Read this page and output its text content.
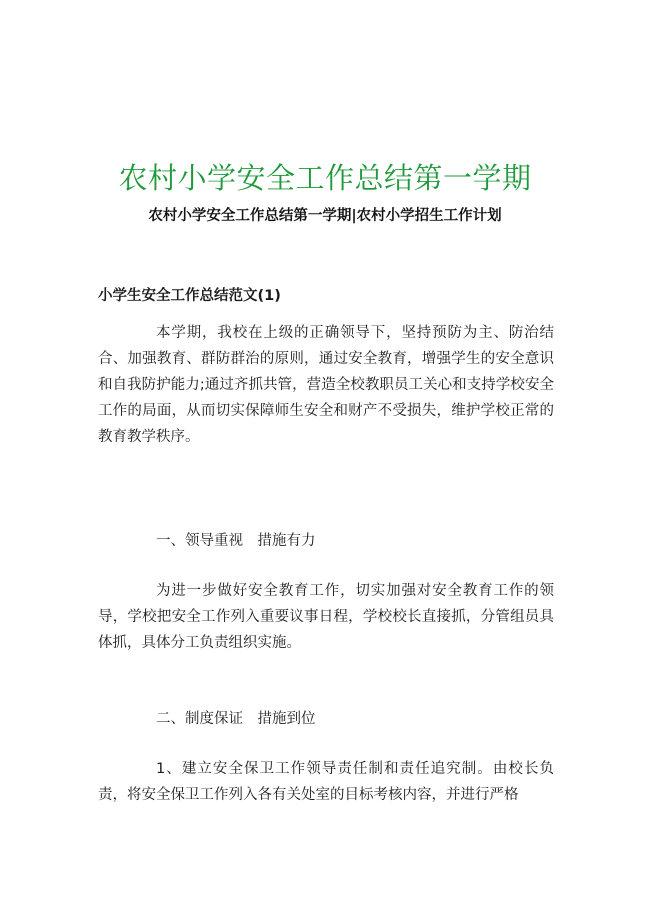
农村小学安全工作总结第一学期
农村小学安全工作总结第一学期|农村小学招生工作计划
小学生安全工作总结范文(1)

本学期，我校在上级的正确领导下，坚持预防为主、防治结合、加强教育、群防群治的原则，通过安全教育，增强学生的安全意识和自我防护能力;通过齐抓共管，营造全校教职员工关心和支持学校安全工作的局面，从而切实保障师生安全和财产不受损失，维护学校正常的教育教学秩序。

一、领导重视　措施有力

为进一步做好安全教育工作，切实加强对安全教育工作的领导，学校把安全工作列入重要议事日程，学校校长直接抓，分管组员具体抓，具体分工负责组织实施。

二、制度保证　措施到位

1、建立安全保卫工作领导责任制和责任追究制。由校长负责，将安全保卫工作列入各有关处室的目标考核内容，并进行严格
